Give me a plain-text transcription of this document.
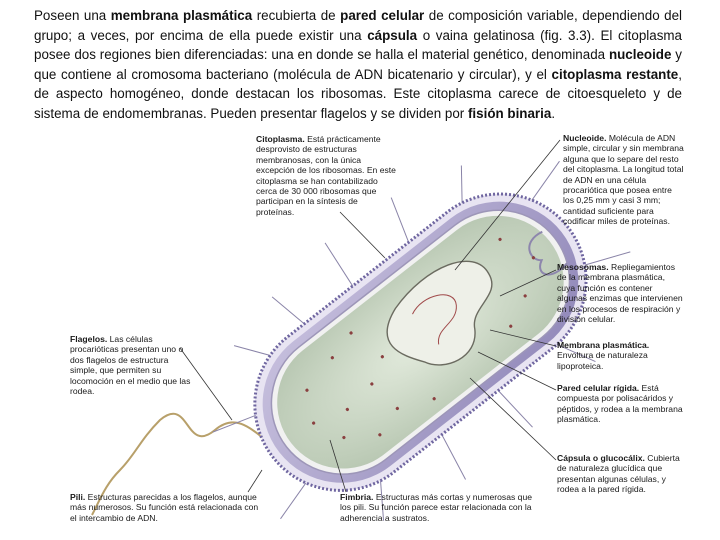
Poseen una membrana plasmática recubierta de pared celular de composición variable, dependiendo del grupo; a veces, por encima de ella puede existir una cápsula o vaina gelatinosa (fig. 3.3). El citoplasma posee dos regiones bien diferenciadas: una en donde se halla el material genético, denominada nucleoide y que contiene al cromosoma bacteriano (molécula de ADN bicatenario y circular), y el citoplasma restante, de aspecto homogéneo, donde destacan los ribosomas. Este citoplasma carece de citoesqueleto y de sistema de endomembranas. Pueden presentar flagelos y se dividen por fisión binaria.
Citoplasma. Está prácticamente desprovisto de estructuras membranosas, con la única excepción de los ribosomas. En este citoplasma se han contabilizado cerca de 30 000 ribosomas que participan en la síntesis de proteínas.
Nucleoide. Molécula de ADN simple, circular y sin membrana alguna que lo separe del resto del citoplasma. La longitud total de ADN en una célula procariótica que posea entre los 0,25 mm y casi 3 mm; cantidad suficiente para codificar miles de proteínas.
Mesosomas. Repliegamientos de la membrana plasmática, cuya función es contener algunas enzimas que intervienen en los procesos de respiración y división celular.
Membrana plasmática. Envoltura de naturaleza lipoproteica.
Pared celular rígida. Está compuesta por polisacáridos y péptidos, y rodea a la membrana plasmática.
Cápsula o glucocálix. Cubierta de naturaleza glucídica que presentan algunas células, y rodea a la pared rígida.
Flagelos. Las células procarióticas presentan uno o dos flagelos de estructura simple, que permiten su locomoción en el medio que las rodea.
Pili. Estructuras parecidas a los flagelos, aunque más numerosos. Su función está relacionada con el intercambio de ADN.
Fimbria. Estructuras más cortas y numerosas que los pili. Su función parece estar relacionada con la adherencia a sustratos.
